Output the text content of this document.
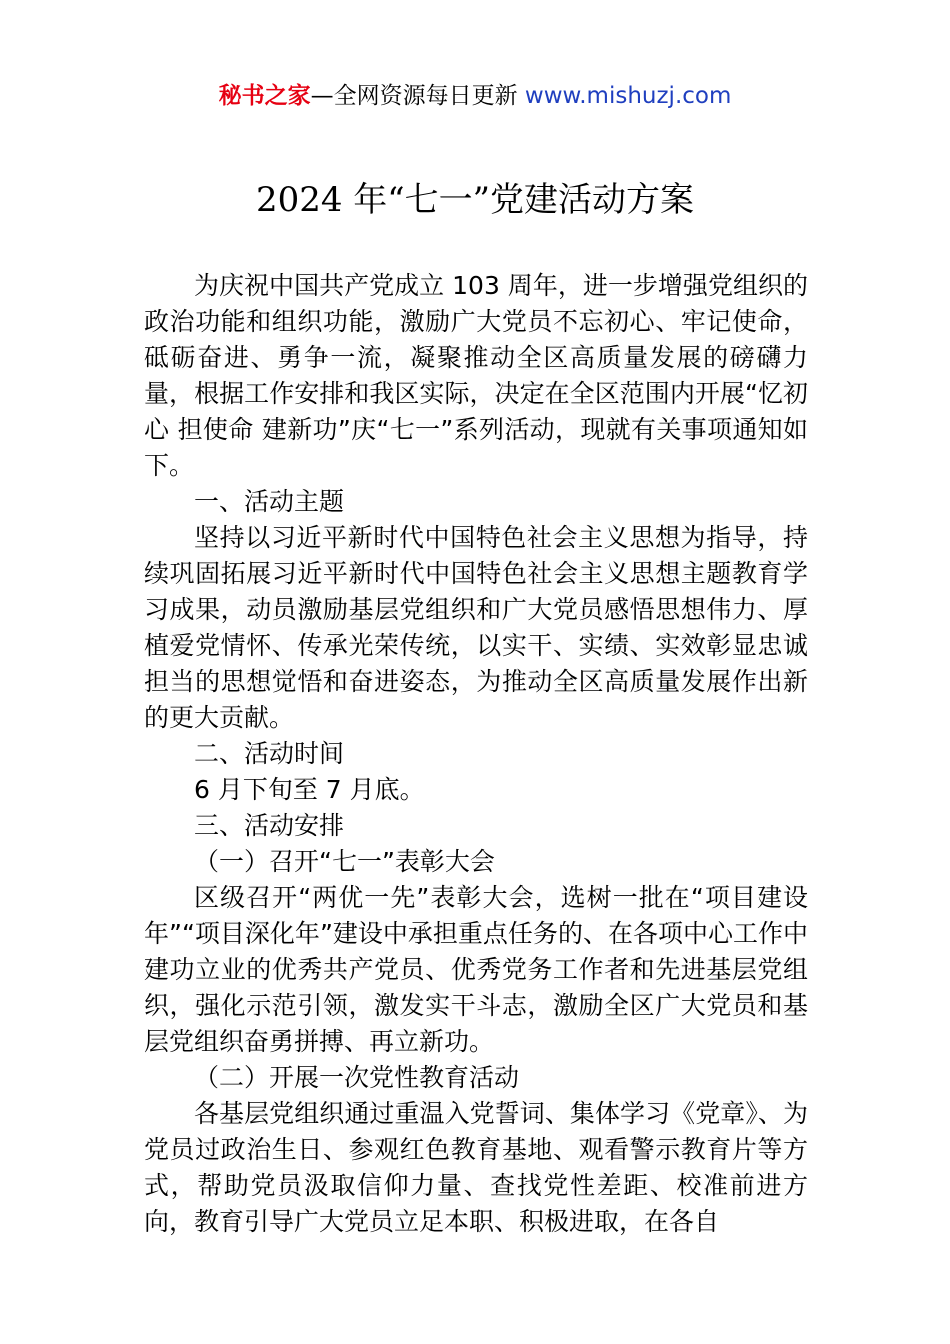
秘书之家—全网资源每日更新 www.mishuzj.com
2024 年“七一”党建活动方案

为庆祝中国共产党成立 103 周年，进一步增强党组织的政治功能和组织功能，激励广大党员不忘初心、牢记使命，砥砺奋进、勇争一流，凝聚推动全区高质量发展的磅礴力量，根据工作安排和我区实际，决定在全区范围内开展“忆初心 担使命 建新功”庆“七一”系列活动，现就有关事项通知如下。

一、活动主题

坚持以习近平新时代中国特色社会主义思想为指导，持续巩固拓展习近平新时代中国特色社会主义思想主题教育学习成果，动员激励基层党组织和广大党员感悟思想伟力、厚植爱党情怀、传承光荣传统，以实干、实绩、实效彰显忠诚担当的思想觉悟和奋进姿态，为推动全区高质量发展作出新的更大贡献。

二、活动时间

6 月下旬至 7 月底。

三、活动安排

（一）召开“七一”表彰大会

区级召开“两优一先”表彰大会，选树一批在“项目建设年”“项目深化年”建设中承担重点任务的、在各项中心工作中建功立业的优秀共产党员、优秀党务工作者和先进基层党组织，强化示范引领，激发实干斗志，激励全区广大党员和基层党组织奋勇拼搏、再立新功。

（二）开展一次党性教育活动

各基层党组织通过重温入党誓词、集体学习《党章》、为党员过政治生日、参观红色教育基地、观看警示教育片等方式，帮助党员汲取信仰力量、查找党性差距、校准前进方向，教育引导广大党员立足本职、积极进取，在各自
